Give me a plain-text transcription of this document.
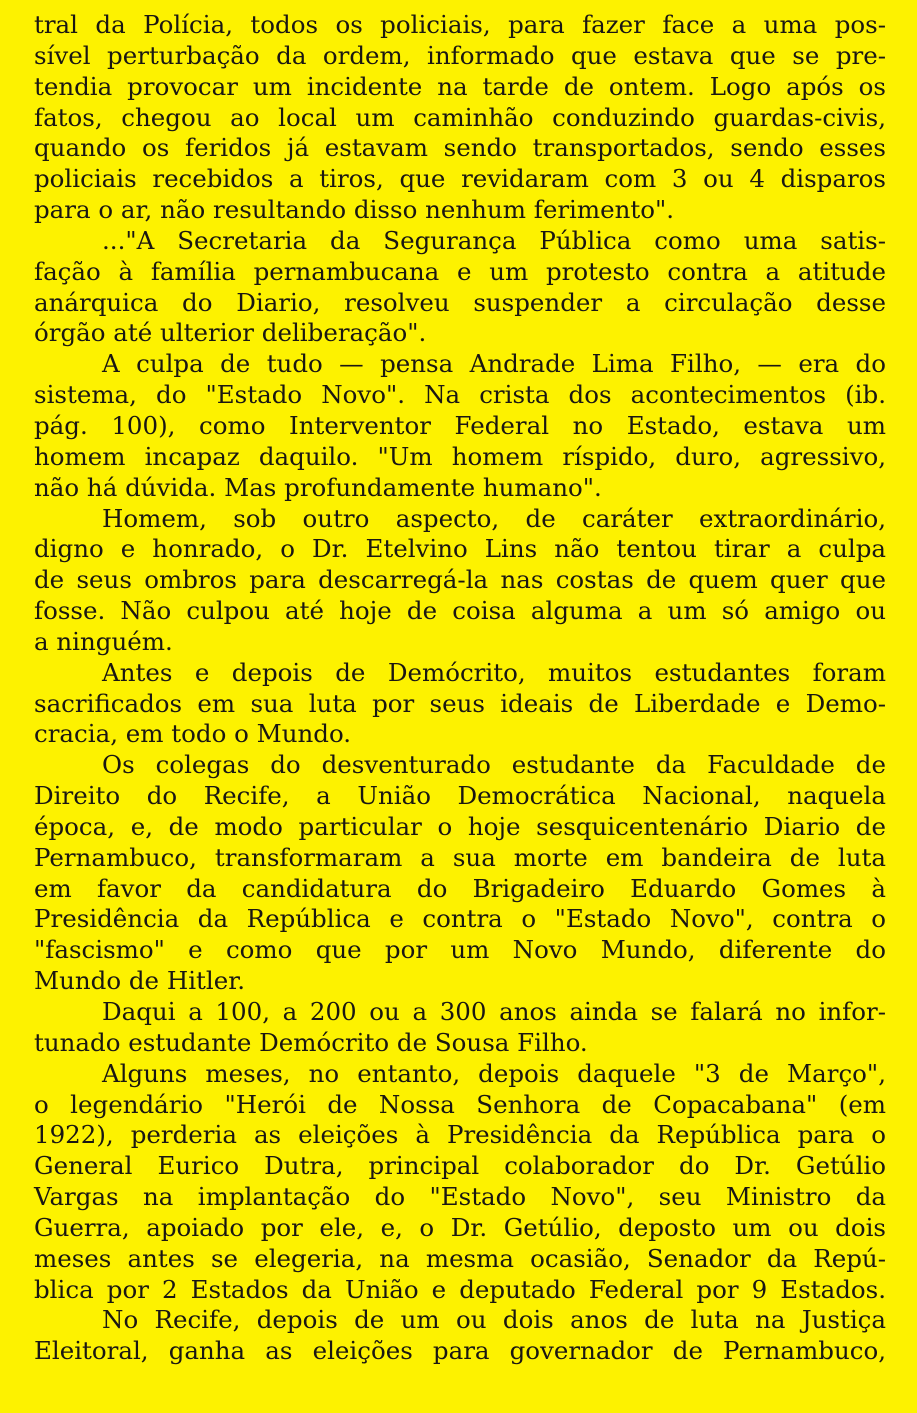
tral da Polícia, todos os policiais, para fazer face a uma pos-
sível perturbação da ordem, informado que estava que se pre-
tendia provocar um incidente na tarde de ontem. Logo após os
fatos, chegou ao local um caminhão conduzindo guardas-civis,
quando os feridos já estavam sendo transportados, sendo esses
policiais recebidos a tiros, que revidaram com 3 ou 4 disparos
para o ar, não resultando disso nenhum ferimento".
..."A Secretaria da Segurança Pública como uma satis-
fação à família pernambucana e um protesto contra a atitude
anárquica do Diario, resolveu suspender a circulação desse
órgão até ulterior deliberação".
A culpa de tudo — pensa Andrade Lima Filho, — era do
sistema, do "Estado Novo". Na crista dos acontecimentos (ib.
pág. 100), como Interventor Federal no Estado, estava um
homem incapaz daquilo. "Um homem ríspido, duro, agressivo,
não há dúvida. Mas profundamente humano".
Homem, sob outro aspecto, de caráter extraordinário,
digno e honrado, o Dr. Etelvino Lins não tentou tirar a culpa
de seus ombros para descarregá-la nas costas de quem quer que
fosse. Não culpou até hoje de coisa alguma a um só amigo ou
a ninguém.
Antes e depois de Demócrito, muitos estudantes foram
sacrificados em sua luta por seus ideais de Liberdade e Demo-
cracia, em todo o Mundo.
Os colegas do desventurado estudante da Faculdade de
Direito do Recife, a União Democrática Nacional, naquela
época, e, de modo particular o hoje sesquicentenário Diario de
Pernambuco, transformaram a sua morte em bandeira de luta
em favor da candidatura do Brigadeiro Eduardo Gomes à
Presidência da República e contra o "Estado Novo", contra o
"fascismo" e como que por um Novo Mundo, diferente do
Mundo de Hitler.
Daqui a 100, a 200 ou a 300 anos ainda se falará no infor-
tunado estudante Demócrito de Sousa Filho.
Alguns meses, no entanto, depois daquele "3 de Março",
o legendário "Herói de Nossa Senhora de Copacabana" (em
1922), perderia as eleições à Presidência da República para o
General Eurico Dutra, principal colaborador do Dr. Getúlio
Vargas na implantação do "Estado Novo", seu Ministro da
Guerra, apoiado por ele, e, o Dr. Getúlio, deposto um ou dois
meses antes se elegeria, na mesma ocasião, Senador da Repú-
blica por 2 Estados da União e deputado Federal por 9 Estados.
No Recife, depois de um ou dois anos de luta na Justiça
Eleitoral, ganha as eleições para governador de Pernambuco,
